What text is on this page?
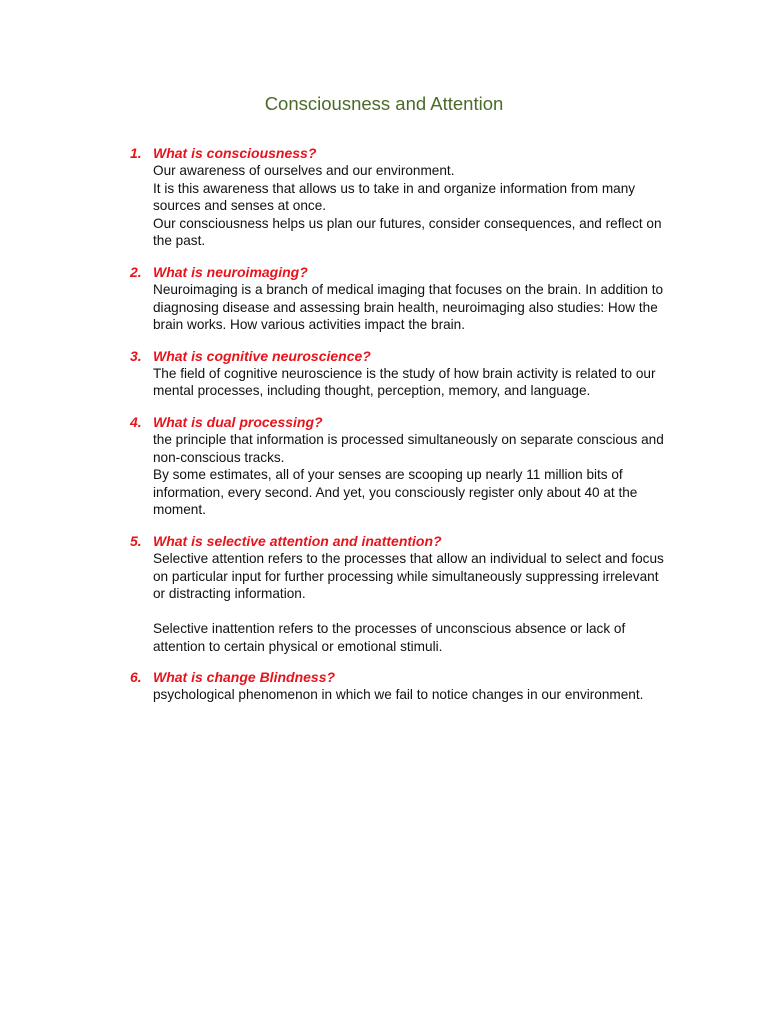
Consciousness and Attention

1. What is consciousness?

Our awareness of ourselves and our environment.

It is this awareness that allows us to take in and organize information from many sources and senses at once.

Our consciousness helps us plan our futures, consider consequences, and reflect on the past.

2. What is neuroimaging?

Neuroimaging is a branch of medical imaging that focuses on the brain. In addition to diagnosing disease and assessing brain health, neuroimaging also studies: How the brain works. How various activities impact the brain.

3. What is cognitive neuroscience?

The field of cognitive neuroscience is the study of how brain activity is related to our mental processes, including thought, perception, memory, and language.

4. What is dual processing?

the principle that information is processed simultaneously on separate conscious and non-conscious tracks.

By some estimates, all of your senses are scooping up nearly 11 million bits of information, every second. And yet, you consciously register only about 40 at the moment.

5. What is selective attention and inattention?

Selective attention refers to the processes that allow an individual to select and focus on particular input for further processing while simultaneously suppressing irrelevant or distracting information.

Selective inattention refers to the processes of unconscious absence or lack of attention to certain physical or emotional stimuli.

6. What is change Blindness?

psychological phenomenon in which we fail to notice changes in our environment.
